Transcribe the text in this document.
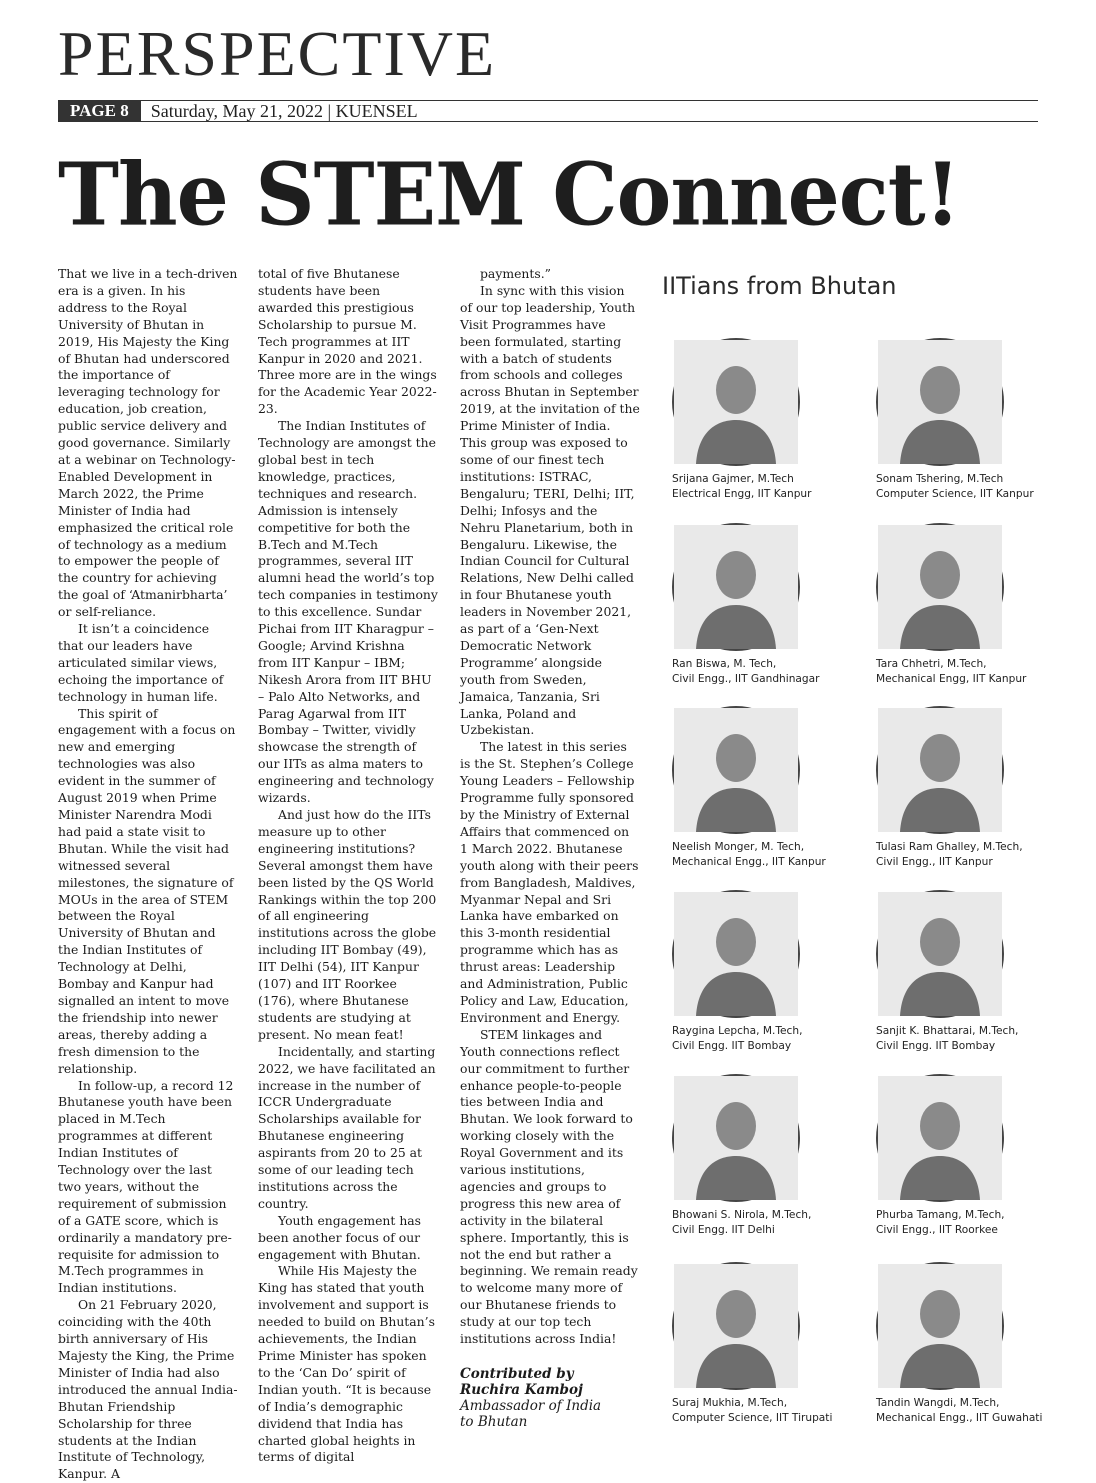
PERSPECTIVE
PAGE 8	Saturday, May 21, 2022 | KUENSEL
The STEM Connect!

That we live in a tech-driven era is a given. In his address to the Royal University of Bhutan in 2019, His Majesty the King of Bhutan had underscored the importance of leveraging technology for education, job creation, public service delivery and good governance. Similarly at a webinar on Technology-Enabled Development in March 2022, the Prime Minister of India had emphasized the critical role of technology as a medium to empower the people of the country for achieving the goal of ‘Atmanirbharta’ or self-reliance.

It isn’t a coincidence that our leaders have articulated similar views, echoing the importance of technology in human life.

This spirit of engagement with a focus on new and emerging technologies was also evident in the summer of August 2019 when Prime Minister Narendra Modi had paid a state visit to Bhutan. While the visit had witnessed several milestones, the signature of MOUs in the area of STEM between the Royal University of Bhutan and the Indian Institutes of Technology at Delhi, Bombay and Kanpur had signalled an intent to move the friendship into newer areas, thereby adding a fresh dimension to the relationship.

In follow-up, a record 12 Bhutanese youth have been placed in M.Tech programmes at different Indian Institutes of Technology over the last two years, without the requirement of submission of a GATE score, which is ordinarily a mandatory pre-requisite for admission to M.Tech programmes in Indian institutions.

On 21 February 2020, coinciding with the 40th birth anniversary of His Majesty the King, the Prime Minister of India had also introduced the annual India-Bhutan Friendship Scholarship for three students at the Indian Institute of Technology, Kanpur. A

total of five Bhutanese students have been awarded this prestigious Scholarship to pursue M. Tech programmes at IIT Kanpur in 2020 and 2021. Three more are in the wings for the Academic Year 2022-23.

The Indian Institutes of Technology are amongst the global best in tech knowledge, practices, techniques and research. Admission is intensely competitive for both the B.Tech and M.Tech programmes, several IIT alumni head the world’s top tech companies in testimony to this excellence. Sundar Pichai from IIT Kharagpur – Google; Arvind Krishna from IIT Kanpur – IBM; Nikesh Arora from IIT BHU – Palo Alto Networks, and Parag Agarwal from IIT Bombay – Twitter, vividly showcase the strength of our IITs as alma maters to engineering and technology wizards.

And just how do the IITs measure up to other engineering institutions? Several amongst them have been listed by the QS World Rankings within the top 200 of all engineering institutions across the globe including IIT Bombay (49), IIT Delhi (54), IIT Kanpur (107) and IIT Roorkee (176), where Bhutanese students are studying at present. No mean feat!

Incidentally, and starting 2022, we have facilitated an increase in the number of ICCR Undergraduate Scholarships available for Bhutanese engineering aspirants from 20 to 25 at some of our leading tech institutions across the country.

Youth engagement has been another focus of our engagement with Bhutan.

While His Majesty the King has stated that youth involvement and support is needed to build on Bhutan’s achievements, the Indian Prime Minister has spoken to the ‘Can Do’ spirit of Indian youth. “It is because of India’s demographic dividend that India has charted global heights in terms of digital

payments.”

In sync with this vision of our top leadership, Youth Visit Programmes have been formulated, starting with a batch of students from schools and colleges across Bhutan in September 2019, at the invitation of the Prime Minister of India. This group was exposed to some of our finest tech institutions: ISTRAC, Bengaluru; TERI, Delhi; IIT, Delhi; Infosys and the Nehru Planetarium, both in Bengaluru. Likewise, the Indian Council for Cultural Relations, New Delhi called in four Bhutanese youth leaders in November 2021, as part of a ‘Gen-Next Democratic Network Programme’ alongside youth from Sweden, Jamaica, Tanzania, Sri Lanka, Poland and Uzbekistan.

The latest in this series is the St. Stephen’s College Young Leaders – Fellowship Programme fully sponsored by the Ministry of External Affairs that commenced on 1 March 2022. Bhutanese youth along with their peers from Bangladesh, Maldives, Myanmar Nepal and Sri Lanka have embarked on this 3-month residential programme which has as thrust areas: Leadership and Administration, Public Policy and Law, Education, Environment and Energy.

STEM linkages and Youth connections reflect our commitment to further enhance people-to-people ties between India and Bhutan. We look forward to working closely with the Royal Government and its various institutions, agencies and groups to progress this new area of activity in the bilateral sphere. Importantly, this is not the end but rather a beginning. We remain ready to welcome many more of our Bhutanese friends to study at our top tech institutions across India!

Contributed by
Ruchira Kamboj
Ambassador of India
to Bhutan
IITians from Bhutan
Srijana Gajmer, M.Tech
Electrical Engg, IIT Kanpur
Sonam Tshering, M.Tech
Computer Science, IIT Kanpur
Ran Biswa, M. Tech,
Civil Engg., IIT Gandhinagar
Tara Chhetri, M.Tech,
Mechanical Engg, IIT Kanpur
Neelish Monger, M. Tech,
Mechanical Engg., IIT Kanpur
Tulasi Ram Ghalley, M.Tech,
Civil Engg., IIT Kanpur
Raygina Lepcha, M.Tech,
Civil Engg. IIT Bombay
Sanjit K. Bhattarai, M.Tech,
Civil Engg. IIT Bombay
Bhowani S. Nirola, M.Tech,
Civil Engg. IIT Delhi
Phurba Tamang, M.Tech,
Civil Engg., IIT Roorkee
Suraj Mukhia, M.Tech,
Computer Science, IIT Tirupati
Tandin Wangdi, M.Tech,
Mechanical Engg., IIT Guwahati
